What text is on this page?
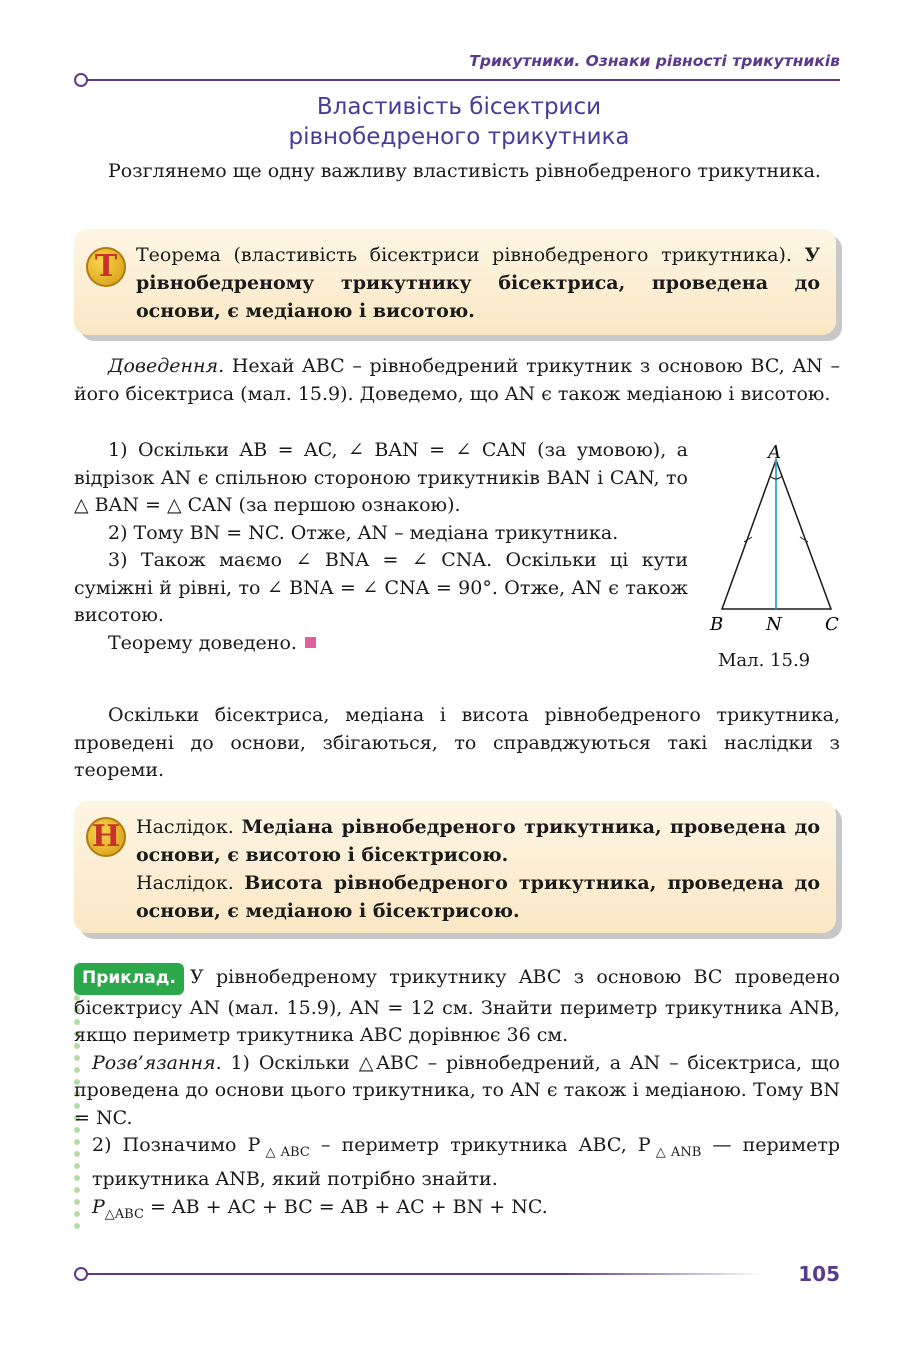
Трикутники. Ознаки рівності трикутників
Властивість бісектриси
рівнобедреного трикутника

Розглянемо ще одну важливу властивість рівнобедреного трикутника.

Т Теорема (властивість бісектриси рівнобедреного трикутника). У рівнобедреному трикутнику бісектриса, проведена до основи, є медіаною і висотою.

Доведення. Нехай ABC – рівнобедрений трикутник з основою BC, AN – його бісектриса (мал. 15.9). Доведемо, що AN є також медіаною і висотою.

1) Оскільки AB = AC, ∠ BAN = ∠ CAN (за умовою), а відрізок AN є спільною стороною трикутників BAN і CAN, то △ BAN = △ CAN (за першою ознакою).

2) Тому BN = NC. Отже, AN – медіана трикутника.

3) Також маємо ∠ BNA = ∠ CNA. Оскільки ці кути суміжні й рівні, то ∠ BNA = ∠ CNA = 90°. Отже, AN є також висотою.

Теорему доведено.

A
B N C
Мал. 15.9

Оскільки бісектриса, медіана і висота рівнобедреного трикутника, проведені до основи, збігаються, то справджуються такі наслідки з теореми.

Н Наслідок. Медіана рівнобедреного трикутника, проведена до основи, є висотою і бісектрисою.
Наслідок. Висота рівнобедреного трикутника, проведена до основи, є медіаною і бісектрисою.

Приклад. У рівнобедреному трикутнику ABC з основою BC проведено бісектрису AN (мал. 15.9), AN = 12 см. Знайти периметр трикутника ANB, якщо периметр трикутника ABC дорівнює 36 см.

Розв’язання. 1) Оскільки △ABC – рівнобедрений, а AN – бісектриса, що проведена до основи цього трикутника, то AN є також і медіаною. Тому BN = NC.

2) Позначимо $P_{\triangle ABC}$ – периметр трикутника ABC, $P_{\triangle ANB}$ — периметр трикутника ANB, який потрібно знайти.

$P_{\triangle ABC}$ = AB + AC + BC = AB + AC + BN + NC.

105
